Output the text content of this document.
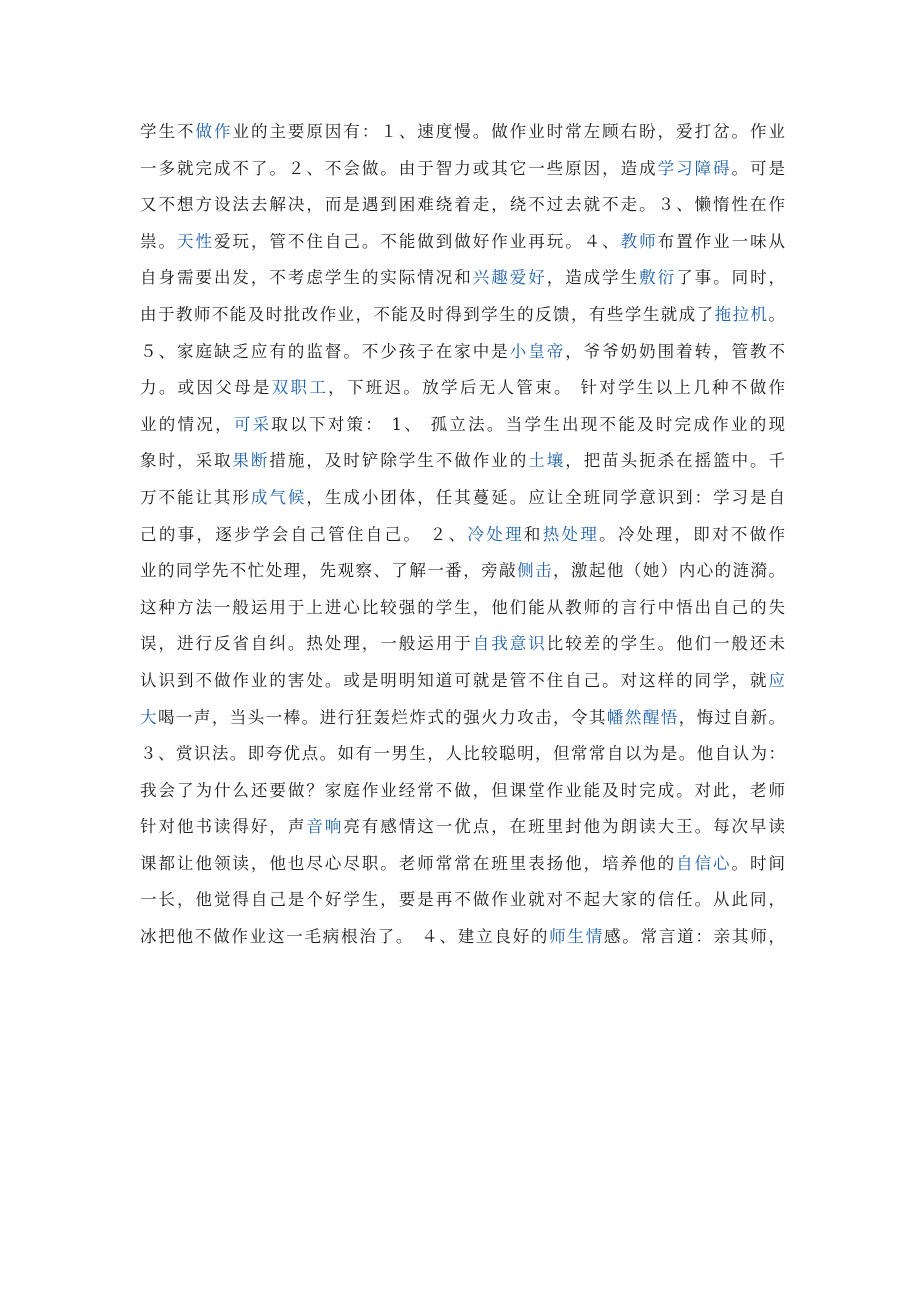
学生不做作业的主要原因有：１、速度慢。做作业时常左顾右盼，爱打岔。作业
一多就完成不了。２、不会做。由于智力或其它一些原因，造成学习障碍。可是
又不想方设法去解决，而是遇到困难绕着走，绕不过去就不走。３、懒惰性在作
祟。天性爱玩，管不住自己。不能做到做好作业再玩。４、教师布置作业一味从
自身需要出发，不考虑学生的实际情况和兴趣爱好，造成学生敷衍了事。同时，
由于教师不能及时批改作业，不能及时得到学生的反馈，有些学生就成了拖拉机。
５、家庭缺乏应有的监督。不少孩子在家中是小皇帝，爷爷奶奶围着转，管教不
力。或因父母是双职工，下班迟。放学后无人管束。 针对学生以上几种不做作
业的情况，可采取以下对策： 1、 孤立法。当学生出现不能及时完成作业的现
象时，采取果断措施，及时铲除学生不做作业的土壤，把苗头扼杀在摇篮中。千
万不能让其形成气候，生成小团体，任其蔓延。应让全班同学意识到：学习是自
己的事，逐步学会自己管住自己。 ２、冷处理和热处理。冷处理，即对不做作
业的同学先不忙处理，先观察、了解一番，旁敲侧击，激起他（她）内心的涟漪。
这种方法一般运用于上进心比较强的学生，他们能从教师的言行中悟出自己的失
误，进行反省自纠。热处理，一般运用于自我意识比较差的学生。他们一般还未
认识到不做作业的害处。或是明明知道可就是管不住自己。对这样的同学，就应
大喝一声，当头一棒。进行狂轰烂炸式的强火力攻击，令其幡然醒悟，悔过自新。
３、赏识法。即夸优点。如有一男生，人比较聪明，但常常自以为是。他自认为：
我会了为什么还要做？家庭作业经常不做，但课堂作业能及时完成。对此，老师
针对他书读得好，声音响亮有感情这一优点，在班里封他为朗读大王。每次早读
课都让他领读，他也尽心尽职。老师常常在班里表扬他，培养他的自信心。时间
一长，他觉得自己是个好学生，要是再不做作业就对不起大家的信任。从此同，
冰把他不做作业这一毛病根治了。 ４、建立良好的师生情感。常言道：亲其师，
